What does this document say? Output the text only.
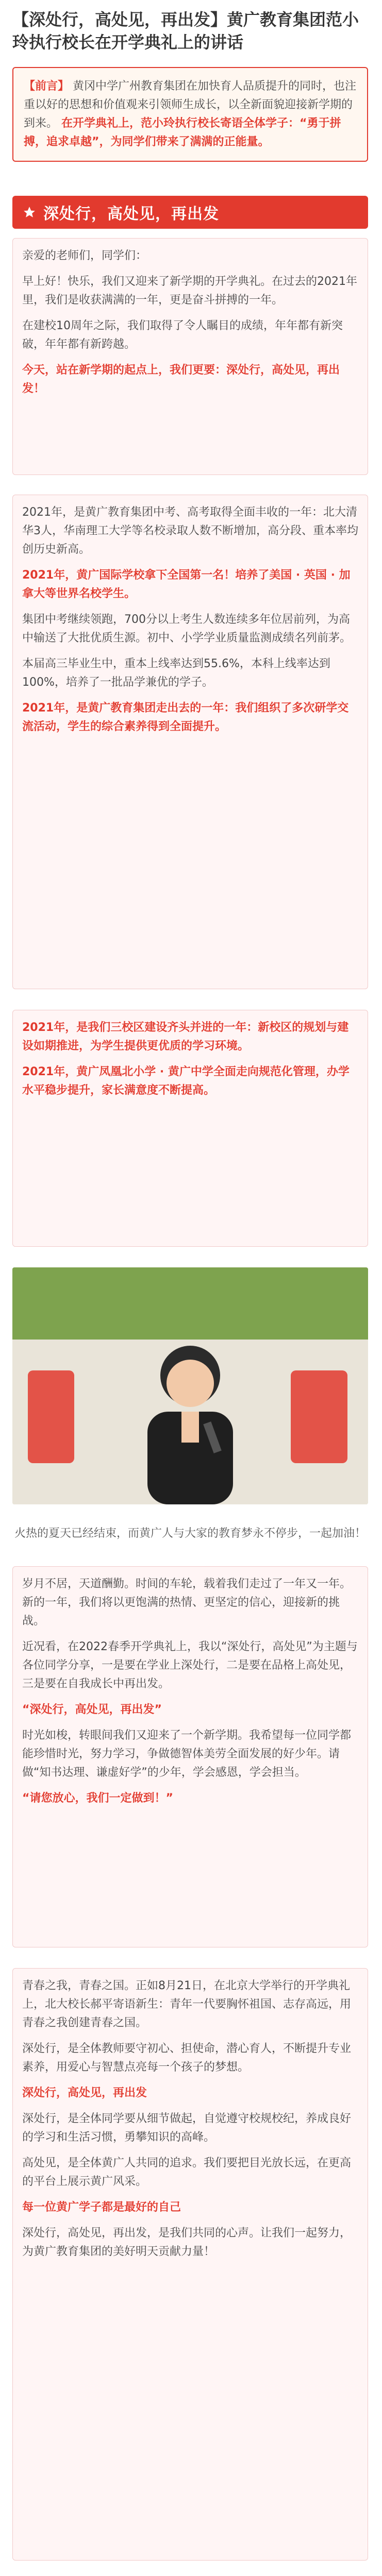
【深处行，高处见，再出发】黄广教育集团范小玲执行校长在开学典礼上的讲话
【前言】 黄冈中学广州教育集团在加快育人品质提升的同时，也注重以好的思想和价值观来引领师生成长，以全新面貌迎接新学期的到来。 在开学典礼上，范小玲执行校长寄语全体学子：“勇于拼搏，追求卓越”，为同学们带来了满满的正能量。
深处行，高处见，再出发

亲爱的老师们，同学们：

早上好！快乐，我们又迎来了新学期的开学典礼。在过去的2021年里，我们是收获满满的一年，更是奋斗拼搏的一年。

在建校10周年之际，我们取得了令人瞩目的成绩，年年都有新突破，年年都有新跨越。

今天，站在新学期的起点上，我们更要：深处行，高处见，再出发！

2021年，是黄广教育集团中考、高考取得全面丰收的一年：北大清华3人，华南理工大学等名校录取人数不断增加，高分段、重本率均创历史新高。

2021年，黄广国际学校拿下全国第一名！培养了美国 · 英国 · 加拿大等世界名校学生。

集团中考继续领跑，700分以上考生人数连续多年位居前列，为高中输送了大批优质生源。初中、小学学业质量监测成绩名列前茅。

本届高三毕业生中，重本上线率达到55.6%，本科上线率达到100%，培养了一批品学兼优的学子。

2021年，是黄广教育集团走出去的一年：我们组织了多次研学交流活动，学生的综合素养得到全面提升。

2021年，是我们三校区建设齐头并进的一年：新校区的规划与建设如期推进，为学生提供更优质的学习环境。

2021年，黄广凤凰北小学 · 黄广中学全面走向规范化管理，办学水平稳步提升，家长满意度不断提高。

火热的夏天已经结束，而黄广人与大家的教育梦永不停步，一起加油！

岁月不居，天道酬勤。时间的车轮，载着我们走过了一年又一年。新的一年，我们将以更饱满的热情、更坚定的信心，迎接新的挑战。

近况看，在2022春季开学典礼上，我以“深处行，高处见”为主题与各位同学分享，一是要在学业上深处行，二是要在品格上高处见，三是要在自我成长中再出发。

“深处行，高处见，再出发”

时光如梭，转眼间我们又迎来了一个新学期。我希望每一位同学都能珍惜时光，努力学习，争做德智体美劳全面发展的好少年。请做“知书达理、谦虚好学”的少年，学会感恩，学会担当。

“请您放心，我们一定做到！”

青春之我，青春之国。正如8月21日，在北京大学举行的开学典礼上，北大校长郝平寄语新生：青年一代要胸怀祖国、志存高远，用青春之我创建青春之国。

深处行，是全体教师要守初心、担使命，潜心育人，不断提升专业素养，用爱心与智慧点亮每一个孩子的梦想。

深处行，高处见，再出发

深处行，是全体同学要从细节做起，自觉遵守校规校纪，养成良好的学习和生活习惯，勇攀知识的高峰。

高处见，是全体黄广人共同的追求。我们要把目光放长远，在更高的平台上展示黄广风采。

每一位黄广学子都是最好的自己

深处行，高处见，再出发，是我们共同的心声。让我们一起努力，为黄广教育集团的美好明天贡献力量！
